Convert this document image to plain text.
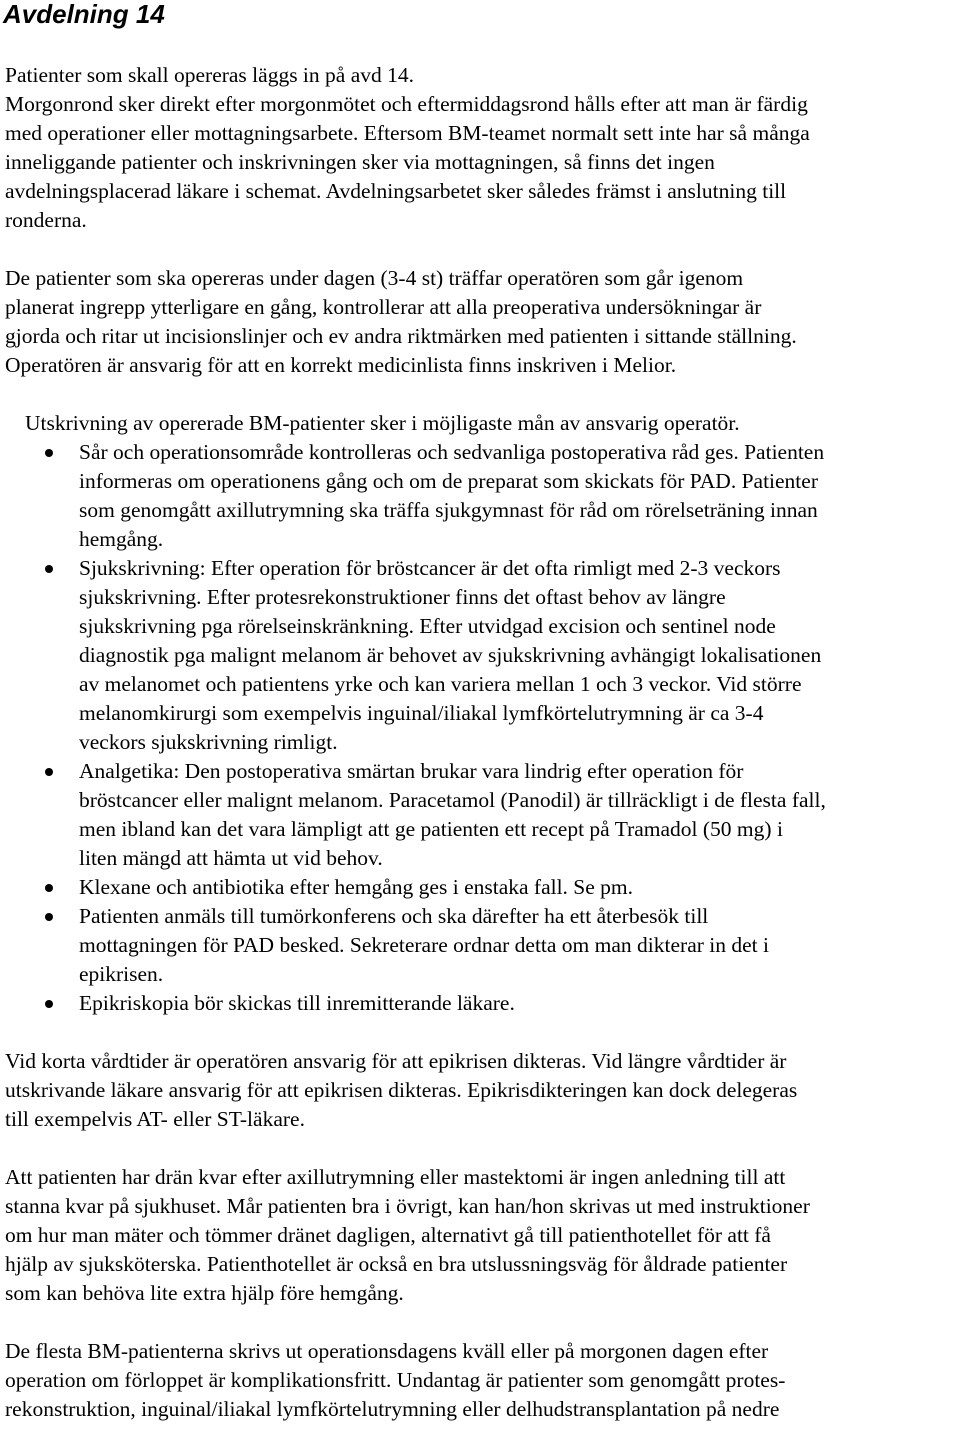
Avdelning 14

Patienter som skall opereras läggs in på avd 14.
Morgonrond sker direkt efter morgonmötet och eftermiddagsrond hålls efter att man är färdig
med operationer eller mottagningsarbete. Eftersom BM-teamet normalt sett inte har så många
inneliggande patienter och inskrivningen sker via mottagningen, så finns det ingen
avdelningsplacerad läkare i schemat. Avdelningsarbetet sker således främst i anslutning till
ronderna.

De patienter som ska opereras under dagen (3-4 st) träffar operatören som går igenom
planerat ingrepp ytterligare en gång, kontrollerar att alla preoperativa undersökningar är
gjorda och ritar ut incisionslinjer och ev andra riktmärken med patienten i sittande ställning.
Operatören är ansvarig för att en korrekt medicinlista finns inskriven i Melior.

Utskrivning av opererade BM-patienter sker i möjligaste mån av ansvarig operatör.
Sår och operationsområde kontrolleras och sedvanliga postoperativa råd ges. Patienten
informeras om operationens gång och om de preparat som skickats för PAD. Patienter
som genomgått axillutrymning ska träffa sjukgymnast för råd om rörelseträning innan
hemgång.
Sjukskrivning: Efter operation för bröstcancer är det ofta rimligt med 2-3 veckors
sjukskrivning. Efter protesrekonstruktioner finns det oftast behov av längre
sjukskrivning pga rörelseinskränkning. Efter utvidgad excision och sentinel node
diagnostik pga malignt melanom är behovet av sjukskrivning avhängigt lokalisationen
av melanomet och patientens yrke och kan variera mellan 1 och 3 veckor. Vid större
melanomkirurgi som exempelvis inguinal/iliakal lymfkörtelutrymning är ca 3-4
veckors sjukskrivning rimligt.
Analgetika: Den postoperativa smärtan brukar vara lindrig efter operation för
bröstcancer eller malignt melanom. Paracetamol (Panodil) är tillräckligt i de flesta fall,
men ibland kan det vara lämpligt att ge patienten ett recept på Tramadol (50 mg) i
liten mängd att hämta ut vid behov.
Klexane och antibiotika efter hemgång ges i enstaka fall. Se pm.
Patienten anmäls till tumörkonferens och ska därefter ha ett återbesök till
mottagningen för PAD besked. Sekreterare ordnar detta om man dikterar in det i
epikrisen.
Epikriskopia bör skickas till inremitterande läkare.

Vid korta vårdtider är operatören ansvarig för att epikrisen dikteras. Vid längre vårdtider är
utskrivande läkare ansvarig för att epikrisen dikteras. Epikrisdikteringen kan dock delegeras
till exempelvis AT- eller ST-läkare.

Att patienten har drän kvar efter axillutrymning eller mastektomi är ingen anledning till att
stanna kvar på sjukhuset. Mår patienten bra i övrigt, kan han/hon skrivas ut med instruktioner
om hur man mäter och tömmer dränet dagligen, alternativt gå till patienthotellet för att få
hjälp av sjuksköterska. Patienthotellet är också en bra utslussningsväg för åldrade patienter
som kan behöva lite extra hjälp före hemgång.

De flesta BM-patienterna skrivs ut operationsdagens kväll eller på morgonen dagen efter
operation om förloppet är komplikationsfritt. Undantag är patienter som genomgått protes-
rekonstruktion, inguinal/iliakal lymfkörtelutrymning eller delhudstransplantation på nedre
